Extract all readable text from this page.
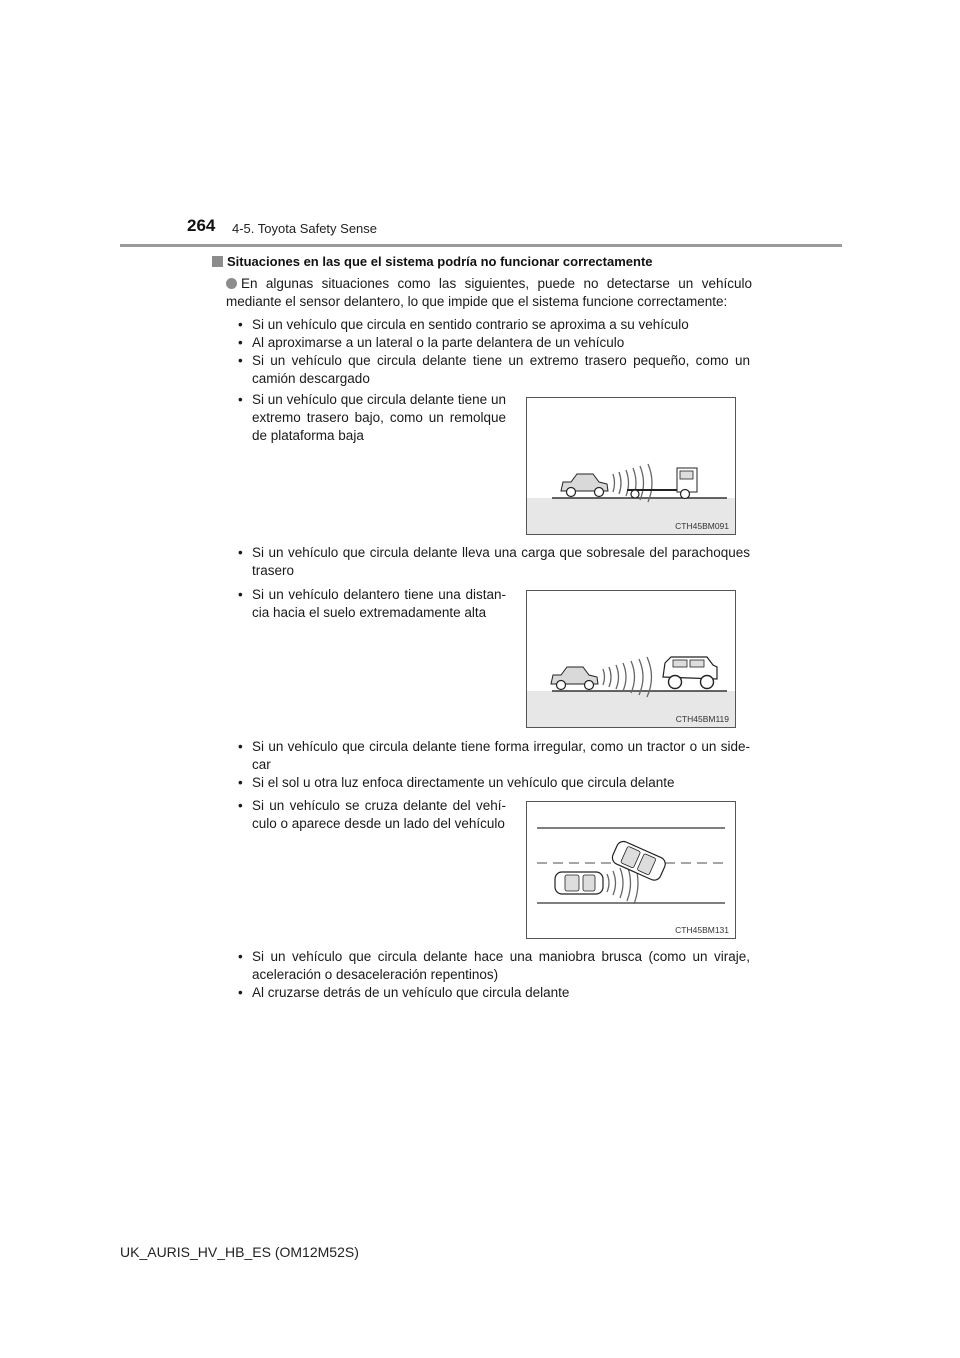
264 4-5. Toyota Safety Sense
Situaciones en las que el sistema podría no funcionar correctamente
En algunas situaciones como las siguientes, puede no detectarse un vehículo mediante el sensor delantero, lo que impide que el sistema funcione correctamente:
• Si un vehículo que circula en sentido contrario se aproxima a su vehículo
• Al aproximarse a un lateral o la parte delantera de un vehículo
• Si un vehículo que circula delante tiene un extremo trasero pequeño, como un camión descargado
• Si un vehículo que circula delante tiene un extremo trasero bajo, como un remolque de plataforma baja
CTH45BM091
• Si un vehículo que circula delante lleva una carga que sobresale del parachoques trasero
• Si un vehículo delantero tiene una distan-cia hacia el suelo extremadamente alta
CTH45BM119
• Si un vehículo que circula delante tiene forma irregular, como un tractor o un side-car
• Si el sol u otra luz enfoca directamente un vehículo que circula delante
• Si un vehículo se cruza delante del vehí-culo o aparece desde un lado del vehículo
CTH45BM131
• Si un vehículo que circula delante hace una maniobra brusca (como un viraje, aceleración o desaceleración repentinos)
• Al cruzarse detrás de un vehículo que circula delante
UK_AURIS_HV_HB_ES (OM12M52S)
